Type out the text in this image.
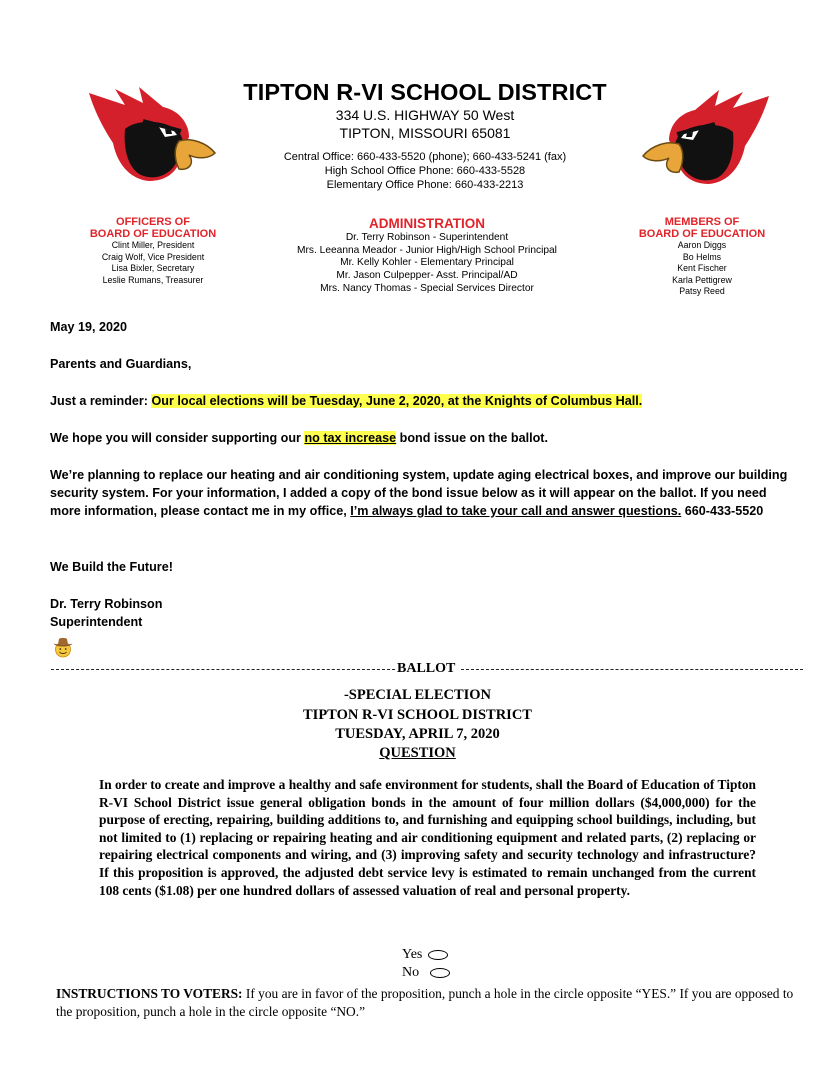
TIPTON R-VI SCHOOL DISTRICT
334 U.S. HIGHWAY 50 West
TIPTON, MISSOURI 65081
Central Office: 660-433-5520 (phone); 660-433-5241 (fax)
High School Office Phone: 660-433-5528
Elementary Office Phone: 660-433-2213
OFFICERS OF
BOARD OF EDUCATION
Clint Miller, President
Craig Wolf, Vice President
Lisa Bixler, Secretary
Leslie Rumans, Treasurer
ADMINISTRATION
Dr. Terry Robinson - Superintendent
Mrs. Leeanna Meador - Junior High/High School Principal
Mr. Kelly Kohler - Elementary Principal
Mr. Jason Culpepper- Asst. Principal/AD
Mrs. Nancy Thomas - Special Services Director
MEMBERS OF
BOARD OF EDUCATION
Aaron Diggs
Bo Helms
Kent Fischer
Karla Pettigrew
Patsy Reed
May 19, 2020
Parents and Guardians,
Just a reminder: Our local elections will be Tuesday, June 2, 2020, at the Knights of Columbus Hall.
We hope you will consider supporting our no tax increase bond issue on the ballot.
We’re planning to replace our heating and air conditioning system, update aging electrical boxes, and improve our building security system. For your information, I added a copy of the bond issue below as it will appear on the ballot. If you need more information, please contact me in my office, I’m always glad to take your call and answer questions. 660-433-5520
We Build the Future!
Dr. Terry Robinson
Superintendent
BALLOT
-SPECIAL ELECTION
TIPTON R-VI SCHOOL DISTRICT
TUESDAY, APRIL 7, 2020
QUESTION
In order to create and improve a healthy and safe environment for students, shall the Board of Education of Tipton R-VI School District issue general obligation bonds in the amount of four million dollars ($4,000,000) for the purpose of erecting, repairing, building additions to, and furnishing and equipping school buildings, including, but not limited to (1) replacing or repairing heating and air conditioning equipment and related parts, (2) replacing or repairing electrical components and wiring, and (3) improving safety and security technology and infrastructure? If this proposition is approved, the adjusted debt service levy is estimated to remain unchanged from the current 108 cents ($1.08) per one hundred dollars of assessed valuation of real and personal property.
Yes
No
INSTRUCTIONS TO VOTERS: If you are in favor of the proposition, punch a hole in the circle opposite “YES.” If you are opposed to the proposition, punch a hole in the circle opposite “NO.”
